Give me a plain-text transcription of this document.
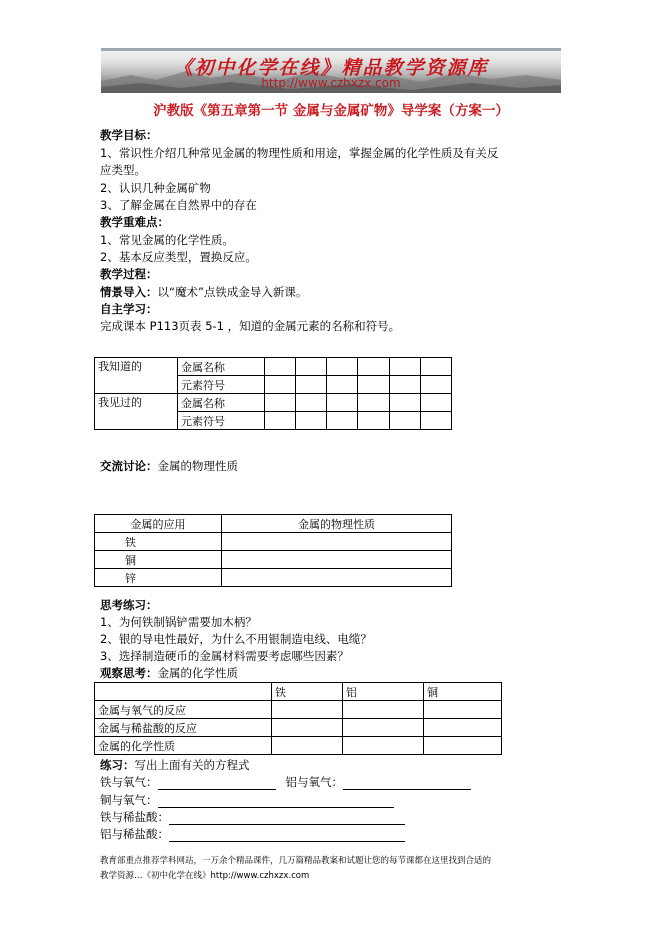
《初中化学在线》精品教学资源库
http://www.czhxzx.com
沪教版《第五章第一节 金属与金属矿物》导学案（方案一）
教学目标：
1、常识性介绍几种常见金属的物理性质和用途，掌握金属的化学性质及有关反
应类型。
2、认识几种金属矿物
3、了解金属在自然界中的存在
教学重难点：
1、常见金属的化学性质。
2、基本反应类型，置换反应。
教学过程：
情景导入：以“魔术”点铁成金导入新课。
自主学习：
完成课本 P113页表 5-1 ，知道的金属元素的名称和符号。
我知道的	金属名称						
	元素符号						
我见过的	金属名称						
	元素符号						
交流讨论：金属的物理性质
金属的应用	金属的物理性质
铁	
铜	
锌	
思考练习：
1、为何铁制锅铲需要加木柄？
2、银的导电性最好，为什么不用银制造电线、电缆？
3、选择制造硬币的金属材料需要考虑哪些因素？
观察思考：金属的化学性质
	铁	铝	铜
金属与氧气的反应			
金属与稀盐酸的反应			
金属的化学性质			
练习：写出上面有关的方程式
铁与氧气：	铝与氧气：
铜与氧气：
铁与稀盐酸：
铝与稀盐酸：
教育部重点推荐学科网站，一万余个精品课件，几万篇精品教案和试题让您的每节课都在这里找到合适的
教学资源…《初中化学在线》http://www.czhxzx.com
